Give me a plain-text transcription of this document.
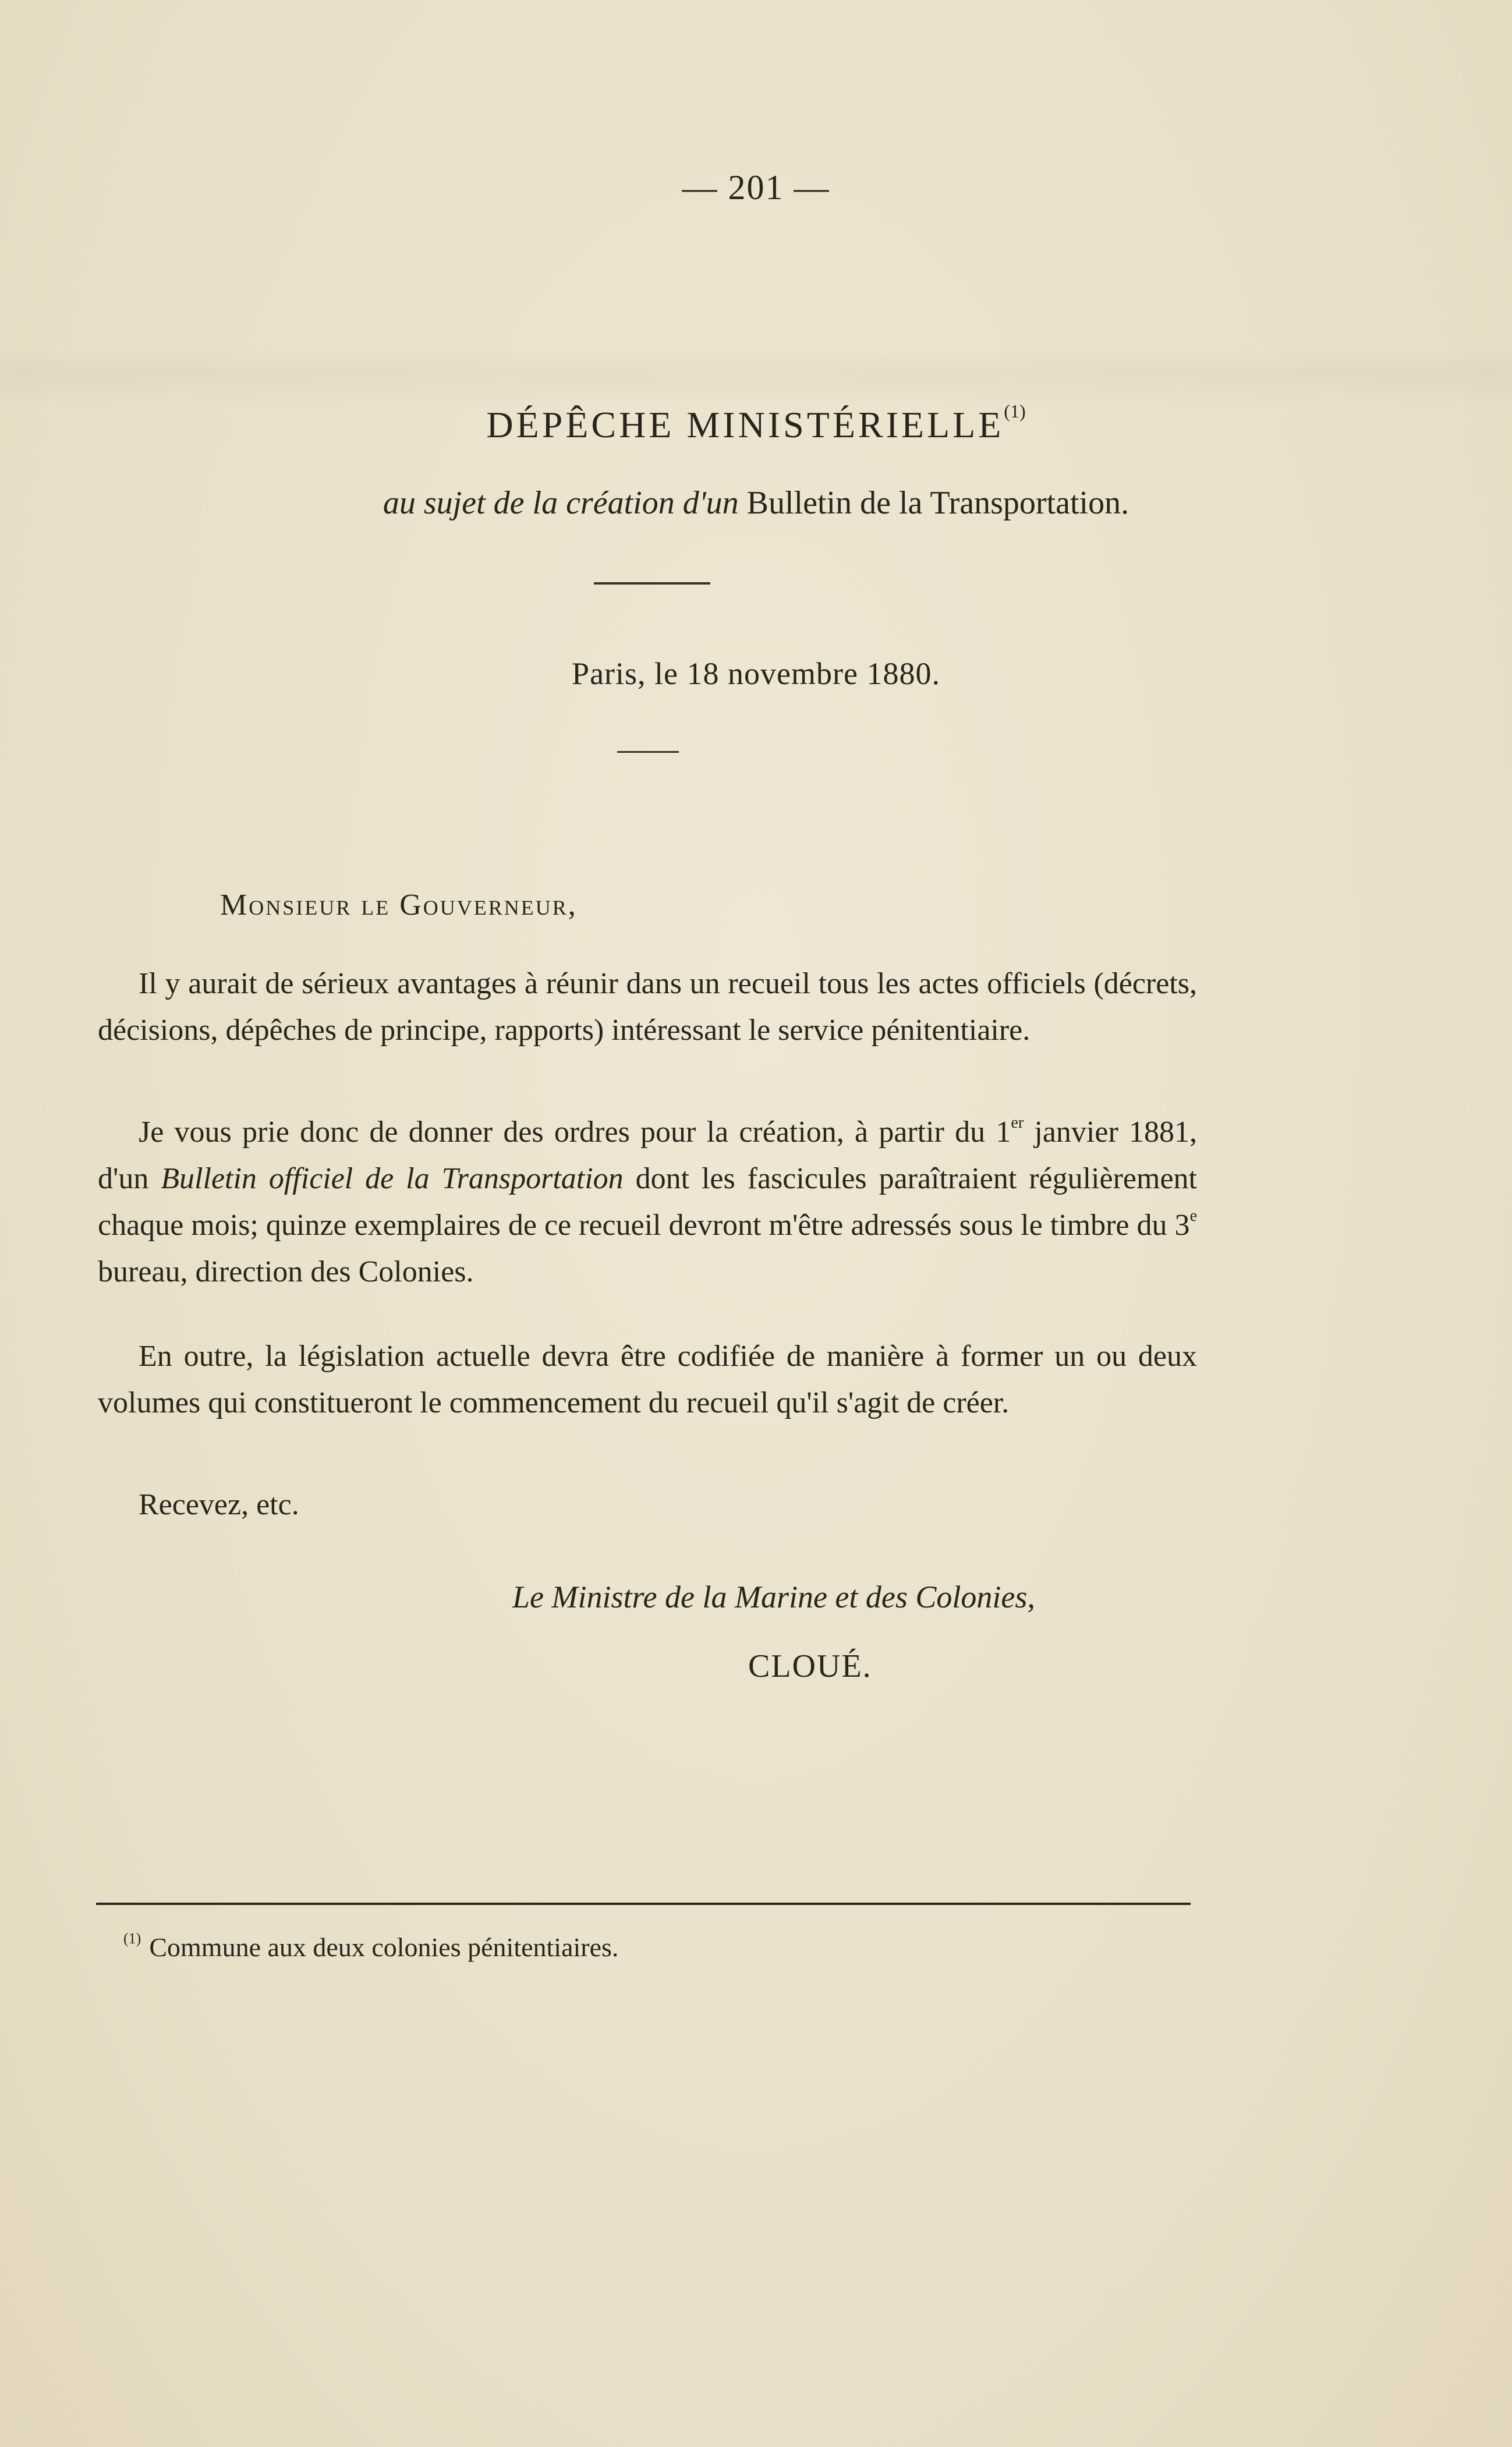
— 201 —
DÉPÊCHE MINISTÉRIELLE$^{(1)}$
au sujet de la création d'un Bulletin de la Transportation.
Paris, le 18 novembre 1880.
Monsieur le Gouverneur,

Il y aurait de sérieux avantages à réunir dans un recueil tous les actes officiels (décrets, décisions, dépêches de principe, rapports) intéressant le service pénitentiaire.

Je vous prie donc de donner des ordres pour la création, à partir du 1er janvier 1881, d'un Bulletin officiel de la Transportation dont les fascicules paraîtraient régulièrement chaque mois; quinze exemplaires de ce recueil devront m'être adressés sous le timbre du 3e bureau, direction des Colonies.

En outre, la législation actuelle devra être codifiée de manière à former un ou deux volumes qui constitueront le commencement du recueil qu'il s'agit de créer.

Recevez, etc.

Le Ministre de la Marine et des Colonies,
CLOUÉ.
$^{(1)}$ Commune aux deux colonies pénitentiaires.
